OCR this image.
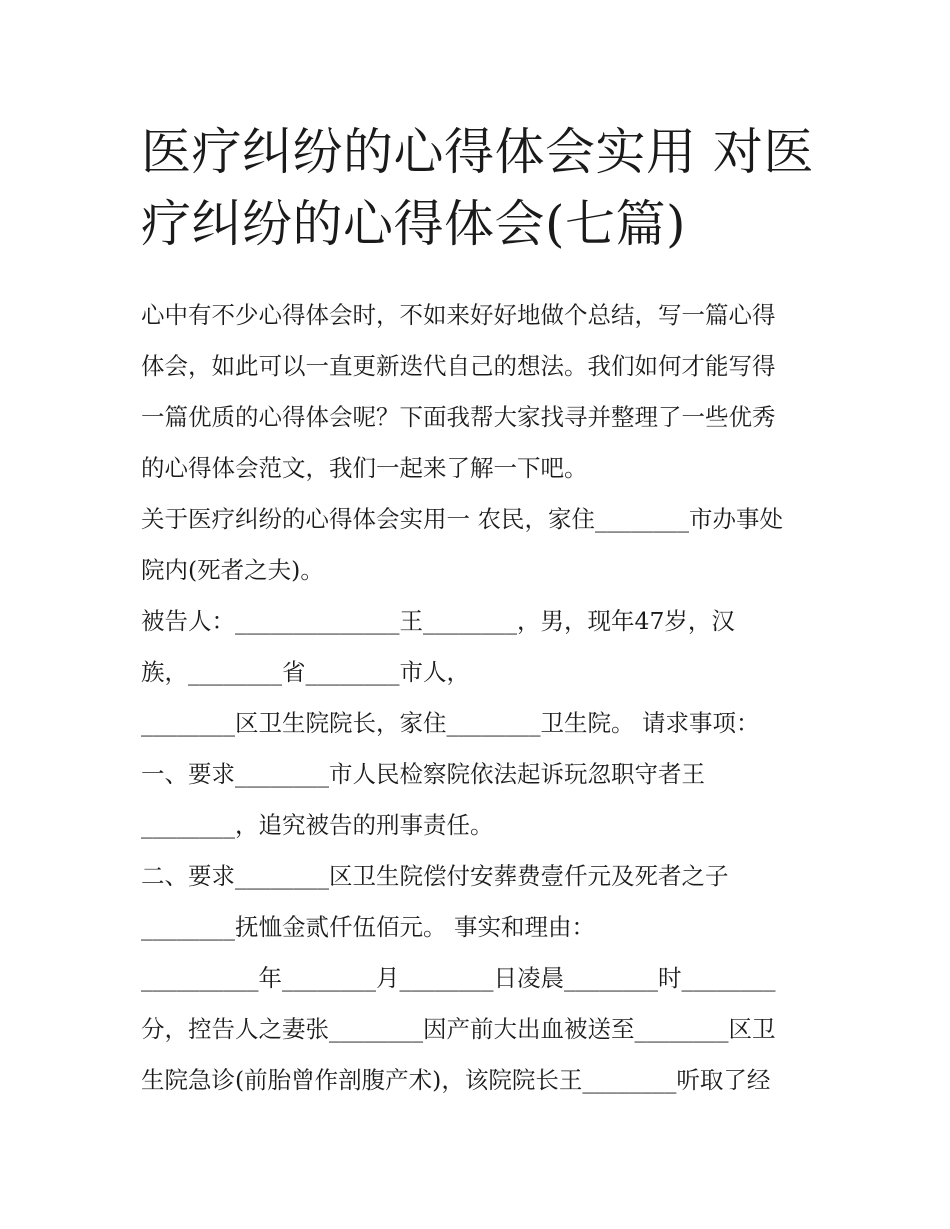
医疗纠纷的心得体会实用 对医
疗纠纷的心得体会(七篇)

心中有不少心得体会时，不如来好好地做个总结，写一篇心得

体会，如此可以一直更新迭代自己的想法。我们如何才能写得

一篇优质的心得体会呢？下面我帮大家找寻并整理了一些优秀

的心得体会范文，我们一起来了解一下吧。

关于医疗纠纷的心得体会实用一 农民，家住________市办事处

院内(死者之夫)。

被告人：______________王________，男，现年47岁，汉

族，________省________市人，

________区卫生院院长，家住________卫生院。 请求事项：

一、要求________市人民检察院依法起诉玩忽职守者王

________，追究被告的刑事责任。

二、要求________区卫生院偿付安葬费壹仟元及死者之子

________抚恤金贰仟伍佰元。 事实和理由：

__________年________月________日凌晨________时________

分，控告人之妻张________因产前大出血被送至________区卫

生院急诊(前胎曾作剖腹产术)，该院院长王________听取了经
